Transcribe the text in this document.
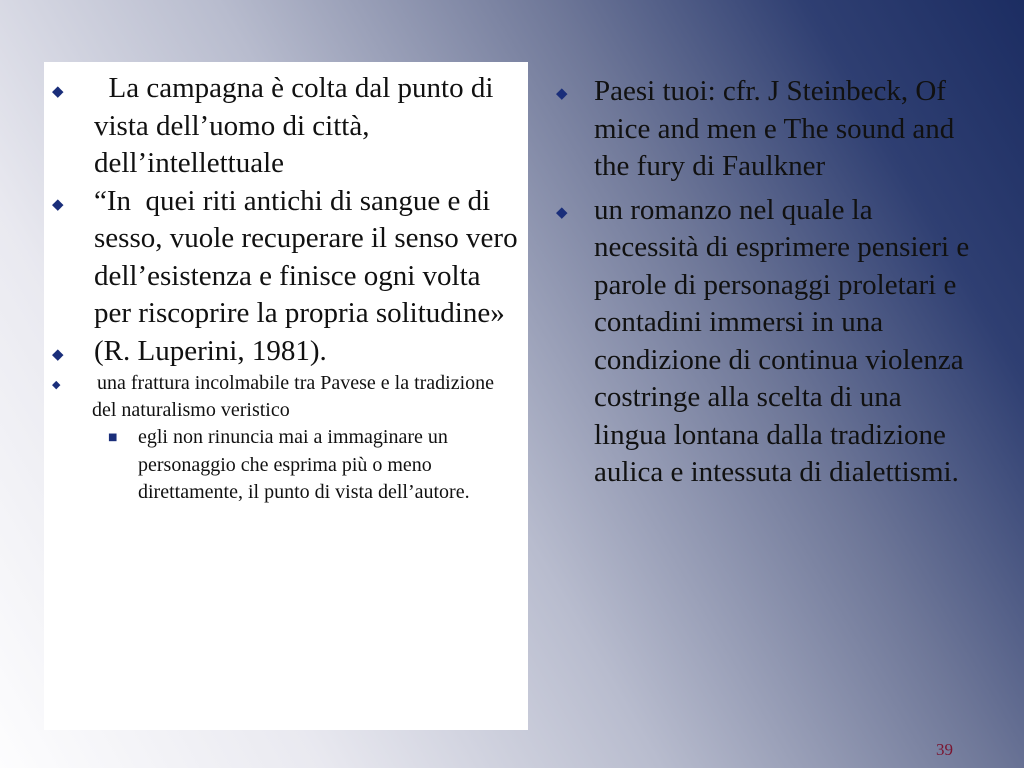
◆ La campagna è colta dal punto di vista dell’uomo di città, dell’intellettuale
◆ “In  quei riti antichi di sangue e di sesso, vuole recuperare il senso vero dell’esistenza e finisce ogni volta per riscoprire la propria solitudine»
◆ (R. Luperini, 1981).
◆ una frattura incolmabile tra Pavese e la tradizione del naturalismo veristico
■ egli non rinuncia mai a immaginare un personaggio che esprima più o meno direttamente, il punto di vista dell’autore.
◆ Paesi tuoi: cfr. J Steinbeck, Of  mice and men e The sound and the fury di Faulkner
◆ un romanzo nel quale la necessità di esprimere pensieri e parole di personaggi proletari e contadini immersi in una condizione di continua violenza costringe alla scelta di una lingua lontana dalla tradizione aulica e intessuta di dialettismi.
39
